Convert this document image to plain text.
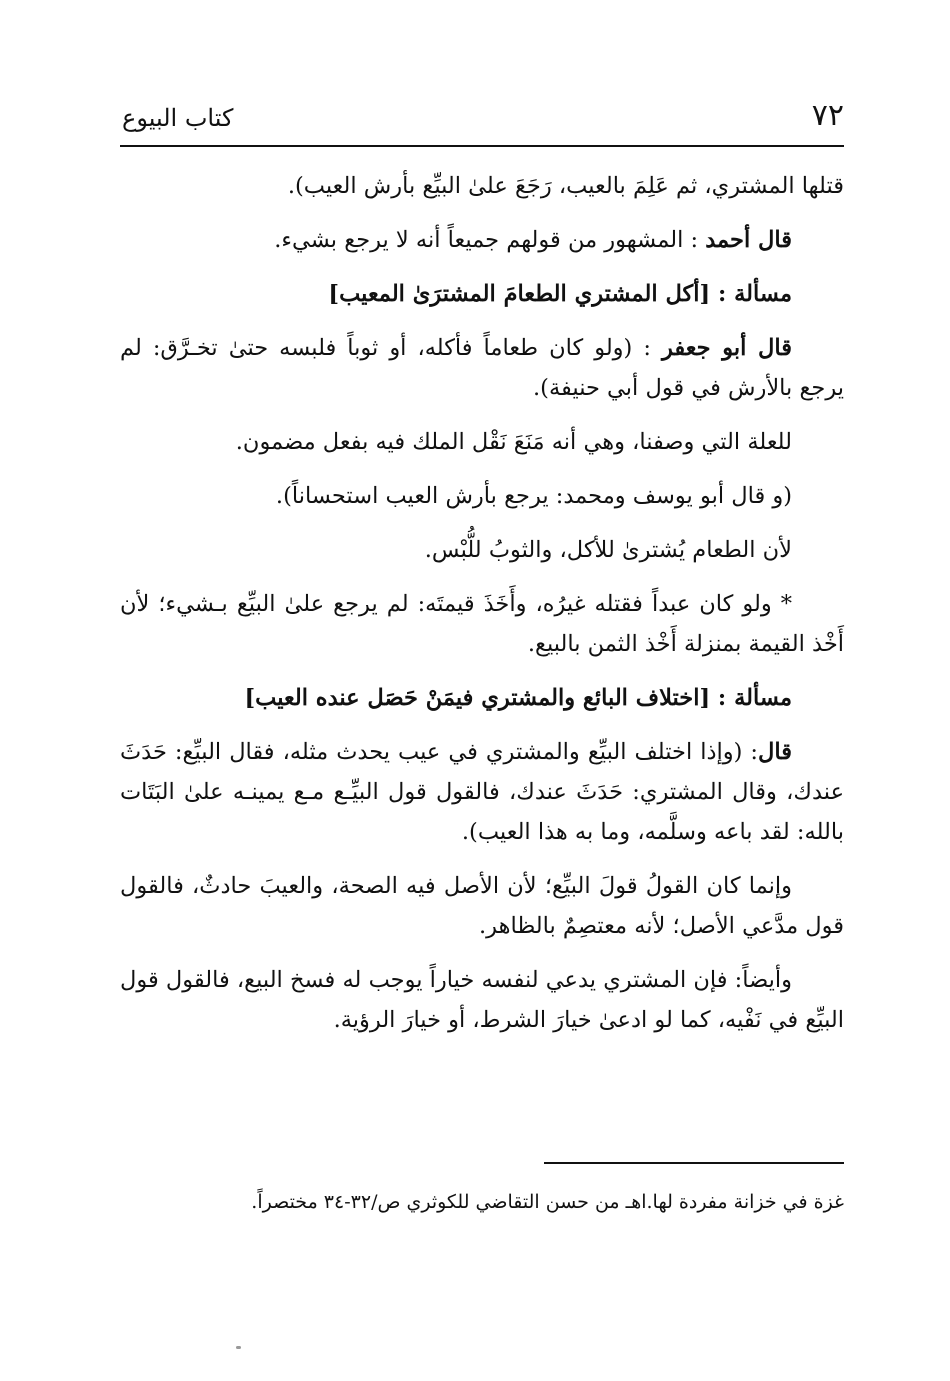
٧٢
كتاب البيوع

قتلها المشتري، ثم عَلِمَ بالعيب، رَجَعَ علىٰ البيِّع بأرش العيب).

قال أحمد : المشهور من قولهم جميعاً أنه لا يرجع بشيء.

مسألة : [أكل المشتري الطعامَ المشترَىٰ المعيب]

قال أبو جعفر : (ولو كان طعاماً فأكله، أو ثوباً فلبسه حتىٰ تخـرَّق: لم يرجع بالأرش في قول أبي حنيفة).

للعلة التي وصفنا، وهي أنه مَنَعَ نَقْل الملك فيه بفعل مضمون.

(و قال أبو يوسف ومحمد: يرجع بأرش العيب استحساناً).

لأن الطعام يُشترىٰ للأكل، والثوبُ للُّبْس.

* ولو كان عبداً فقتله غيرُه، وأَخَذَ قيمتَه: لم يرجع علىٰ البيِّع بـشيء؛ لأن أَخْذ القيمة بمنزلة أَخْذ الثمن بالبيع.

مسألة : [اختلاف البائع والمشتري فيمَنْ حَصَل عنده العيب]

قال: (وإذا اختلف البيِّع والمشتري في عيب يحدث مثله، فقال البيِّع: حَدَثَ عندك، وقال المشتري: حَدَثَ عندك، فالقول قول البيِّـع مـع يمينـه علىٰ البَتَات بالله: لقد باعه وسلَّمه، وما به هذا العيب).

وإنما كان القولُ قولَ البيِّع؛ لأن الأصل فيه الصحة، والعيبَ حادثٌ، فالقول قول مدَّعي الأصل؛ لأنه معتصِمٌ بالظاهر.

وأيضاً: فإن المشتري يدعي لنفسه خياراً يوجب له فسخ البيع، فالقول قول البيِّع في نَفْيه، كما لو ادعىٰ خيارَ الشرط، أو خيارَ الرؤية.

غزة في خزانة مفردة لها.اهـ من حسن التقاضي للكوثري ص/٣٢-٣٤ مختصراً.
